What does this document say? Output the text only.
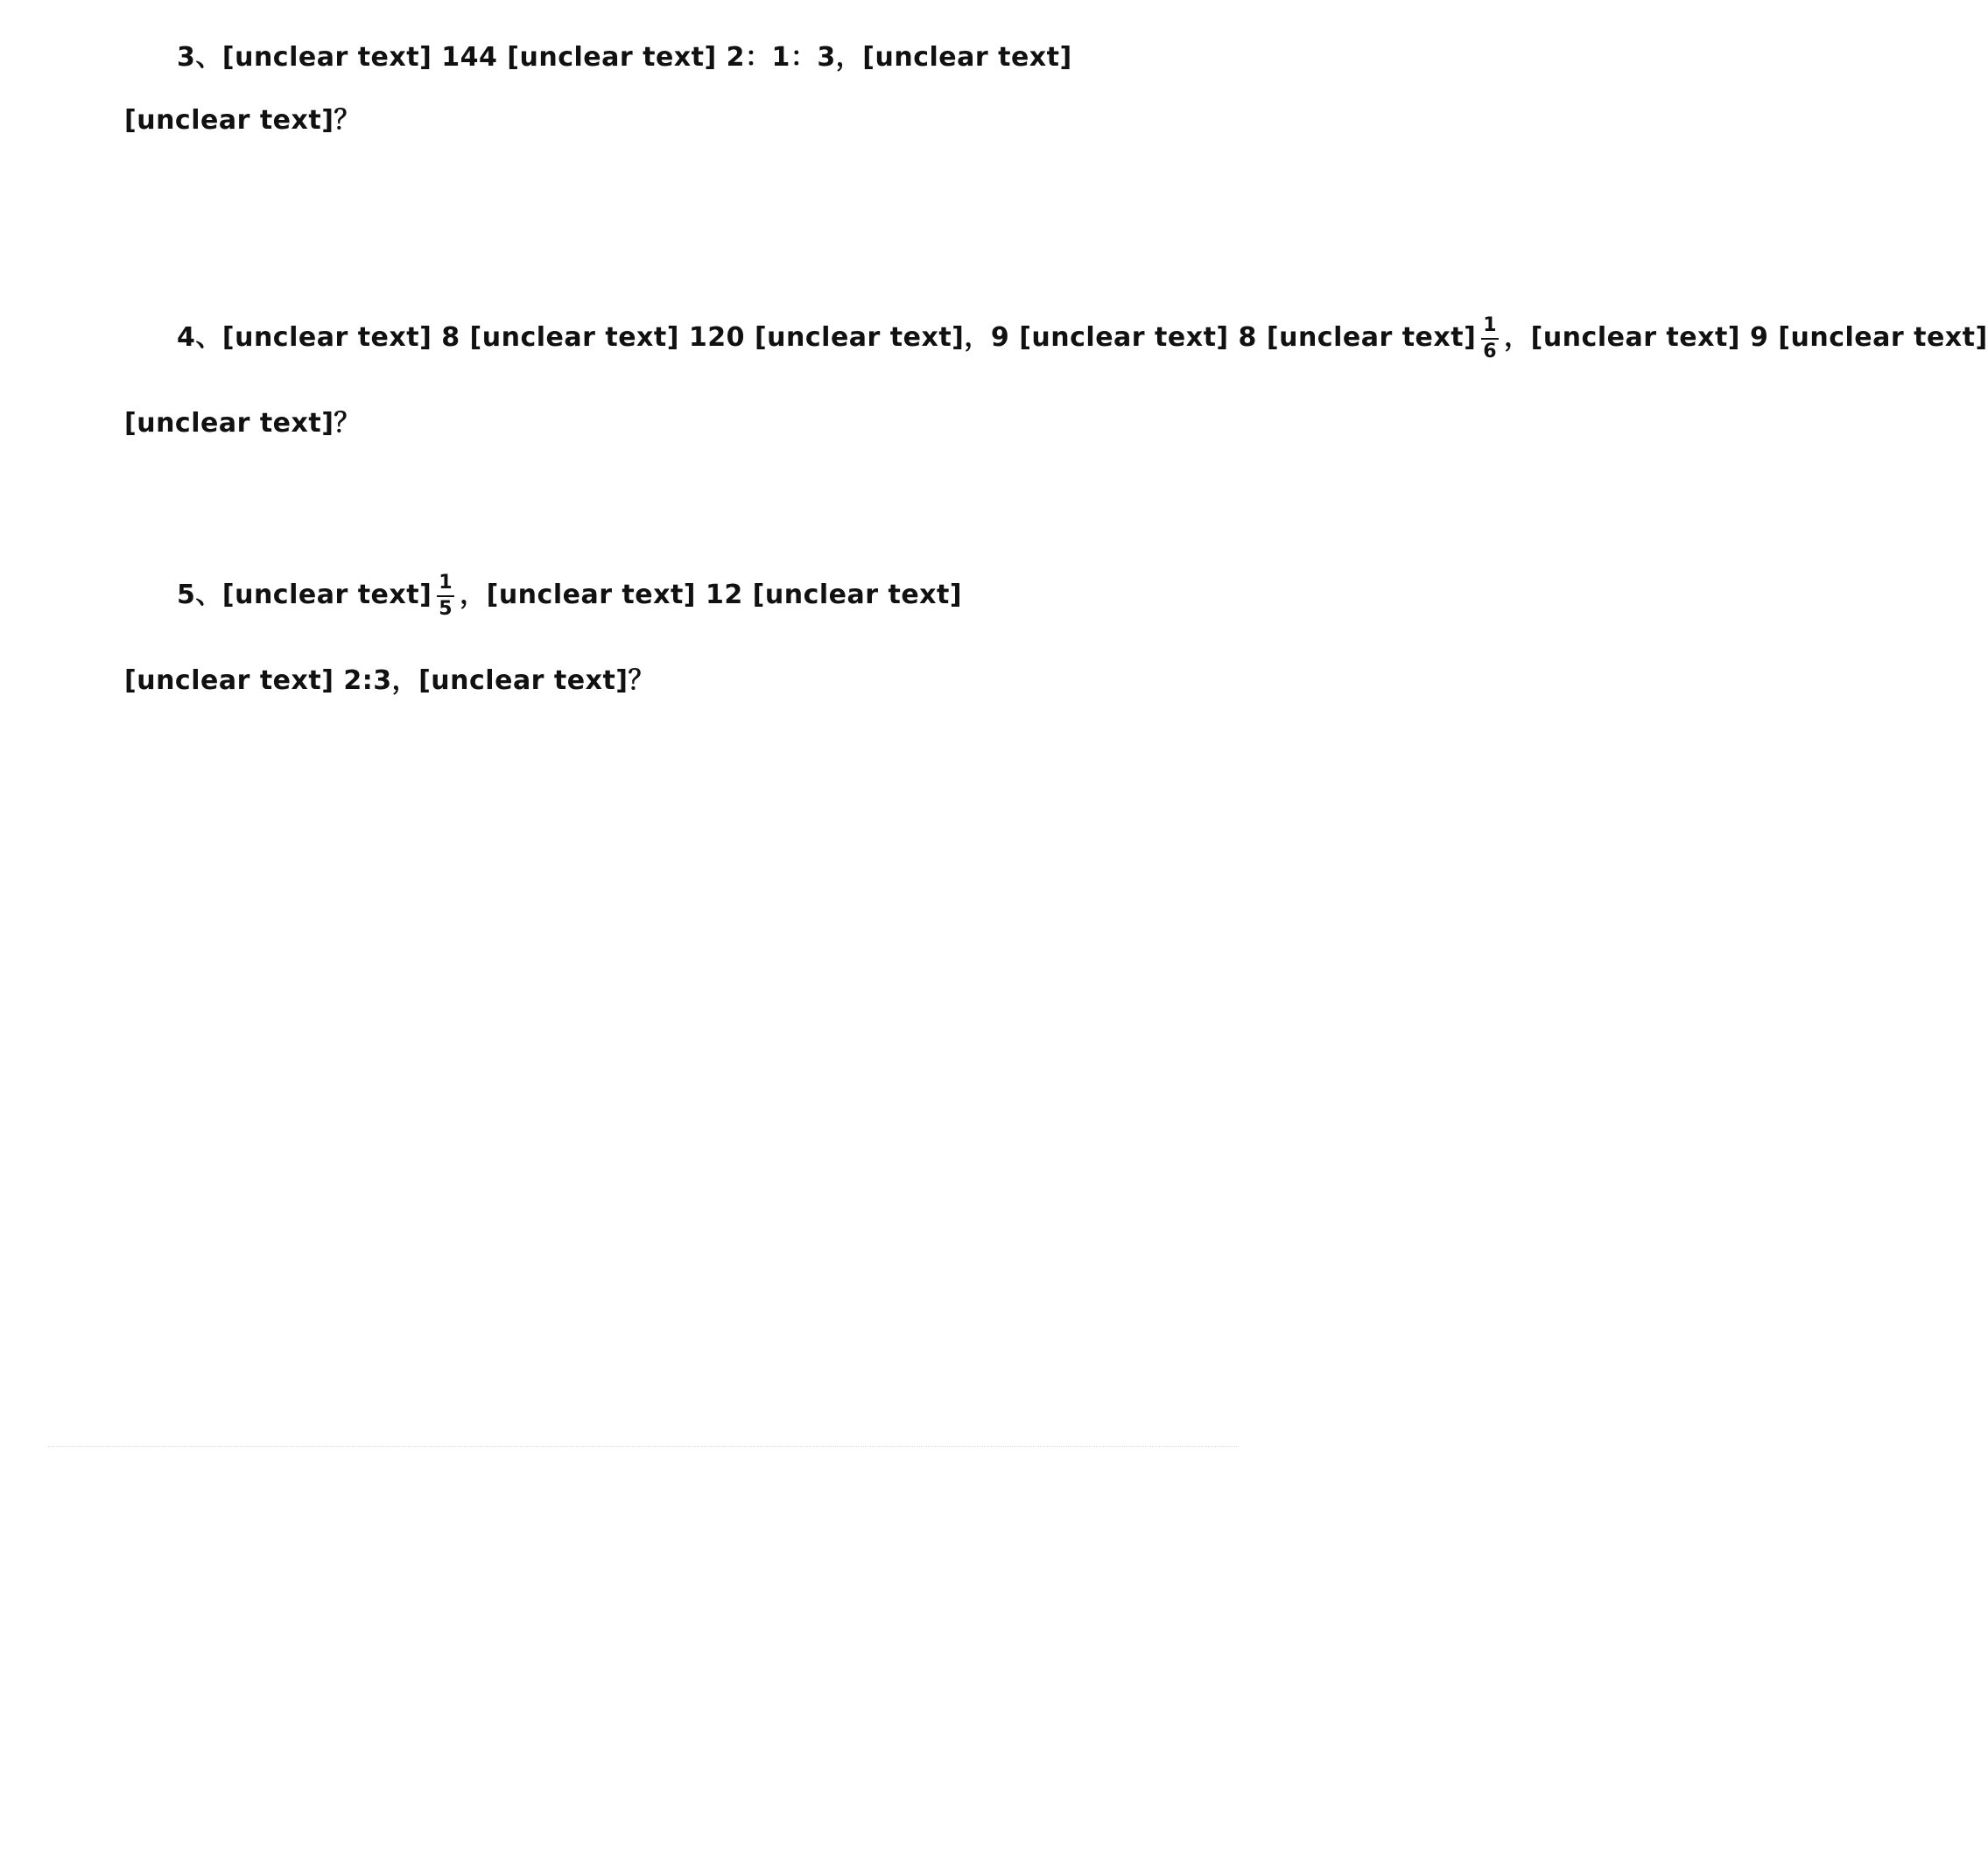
3、[unclear text] 144 [unclear text] 2：1：3，[unclear text]
[unclear text]？
4、[unclear text] 8 [unclear text] 120 [unclear text]，9 [unclear text] 8 [unclear text] $\frac{1}{6}$ ，[unclear text] 9 [unclear text]
[unclear text]？
5、[unclear text] $\frac{1}{5}$ ，[unclear text] 12 [unclear text]
[unclear text] 2:3，[unclear text]？
